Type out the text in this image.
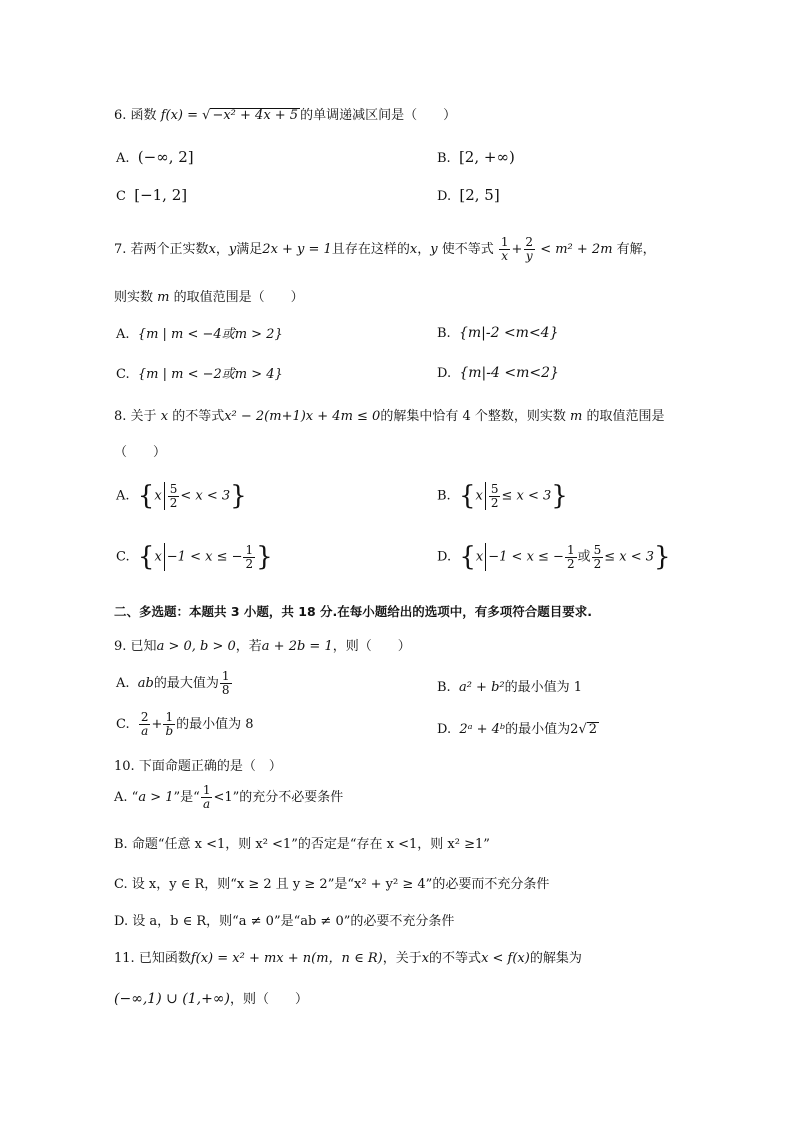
6. 函数 f(x) = √ −x² + 4x + 5 的单调递减区间是（　　）
A. (−∞, 2]	B. [2, +∞)
C [−1, 2]	D. [2, 5]
7. 若两个正实数x，y满足2x + y = 1且存在这样的x，y 使不等式 $\frac{1}{x} + \frac{2}{y} < m^2 + 2m$ 有解，
则实数 m 的取值范围是（　　）
A. {m | m < −4或m > 2}	B. {m|-2 <m<4}
C. {m | m < −2或m > 4}	D. {m|-4 <m<2}
8. 关于 x 的不等式x² − 2(m+1)x + 4m ≤ 0的解集中恰有 4 个整数，则实数 m 的取值范围是
（　　）
A. $\{x \frac{5}{2} < x < 3\}$	B. $\{x \frac{5}{2} \le x < 3\}$
C. {x −1 < x ≤ − $\frac{1}{2}$ }	D. {x −1 < x ≤ − $\frac{1}{2}$ 或 $\frac{5}{2} \le x < 3$}
二、多选题：本题共 3 小题，共 18 分.在每小题给出的选项中，有多项符合题目要求.
9. 已知a > 0, b > 0，若a + 2b = 1，则（　　）
A. ab的最大值为 $\frac{1}{8}$	B. a² + b²的最小值为 1
C. $\frac{2}{a} + \frac{1}{b}$ 的最小值为 8	D. 2ᵃ + 4ᵇ的最小值为2√ 2
10. 下面命题正确的是（　）
A. “a > 1”是“ $\frac{1}{a} <1$”的充分不必要条件
B. 命题“任意 x <1，则 x² <1”的否定是“存在 x <1，则 x² ≥1”
C. 设 x，y ∈ R，则“x ≥ 2 且 y ≥ 2”是“x² + y² ≥ 4”的必要而不充分条件
D. 设 a，b ∈ R，则“a ≠ 0”是“ab ≠ 0”的必要不充分条件
11. 已知函数f(x) = x² + mx + n(m，n ∈ R)，关于x的不等式x < f(x)的解集为
(−∞,1) ∪ (1,+∞)，则（　　）
